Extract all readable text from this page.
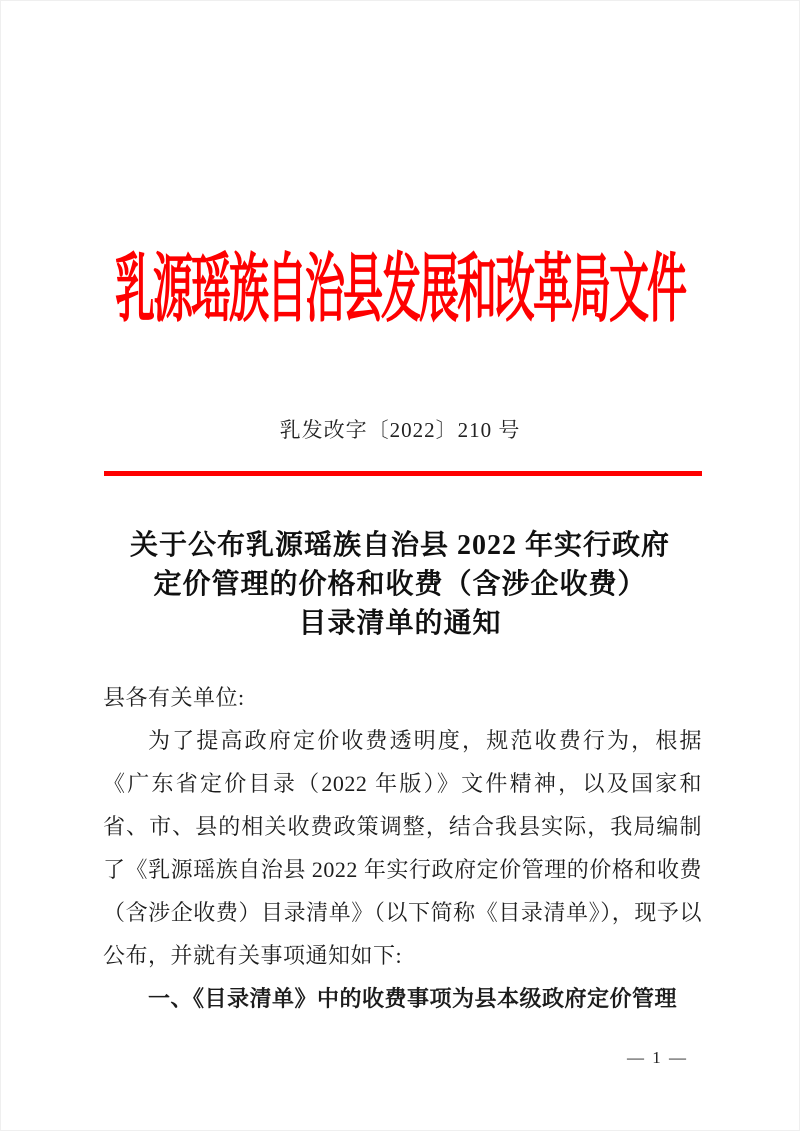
乳源瑶族自治县发展和改革局文件
乳发改字〔2022〕210 号
关于公布乳源瑶族自治县 2022 年实行政府
定价管理的价格和收费（含涉企收费）
目录清单的通知

县各有关单位:

为了提高政府定价收费透明度，规范收费行为，根据《广东省定价目录（2022 年版）》文件精神，以及国家和省、市、县的相关收费政策调整，结合我县实际，我局编制了《乳源瑶族自治县 2022 年实行政府定价管理的价格和收费（含涉企收费）目录清单》（以下简称《目录清单》），现予以公布，并就有关事项通知如下:

一、《目录清单》中的收费事项为县本级政府定价管理

— 1 —
